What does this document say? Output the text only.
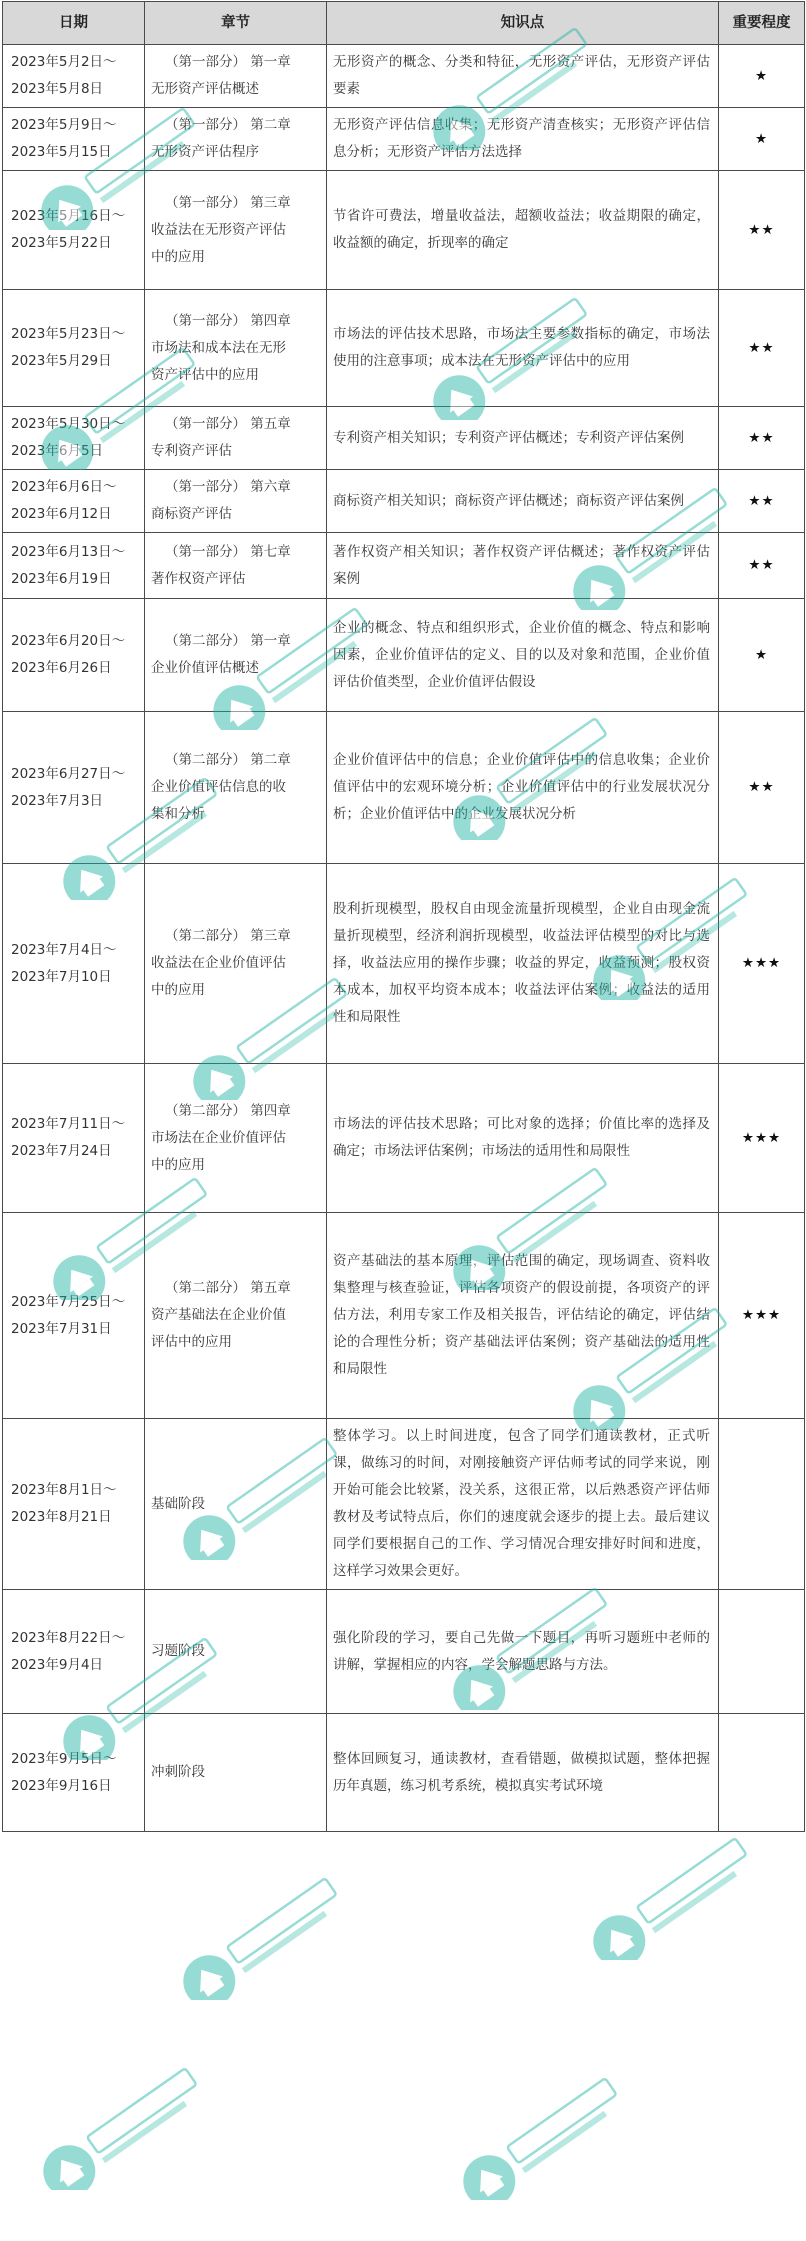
日期	章节	知识点	重要程度

2023年5月2日～
2023年5月8日	（第一部分） 第一章
无形资产评估概述	无形资产的概念、分类和特征，无形资产评估，无形资产评估要素	★

2023年5月9日～
2023年5月15日	（第一部分） 第二章
无形资产评估程序	无形资产评估信息收集；无形资产清查核实；无形资产评估信息分析；无形资产评估方法选择	★

2023年5月16日～
2023年5月22日	（第一部分） 第三章
收益法在无形资产评估
中的应用	节省许可费法，增量收益法，超额收益法；收益期限的确定，收益额的确定，折现率的确定	★★

2023年5月23日～
2023年5月29日	（第一部分） 第四章
市场法和成本法在无形
资产评估中的应用	市场法的评估技术思路，市场法主要参数指标的确定，市场法使用的注意事项；成本法在无形资产评估中的应用	★★

2023年5月30日～
2023年6月5日	（第一部分） 第五章
专利资产评估	专利资产相关知识；专利资产评估概述；专利资产评估案例	★★

2023年6月6日～
2023年6月12日	（第一部分） 第六章
商标资产评估	商标资产相关知识；商标资产评估概述；商标资产评估案例	★★

2023年6月13日～
2023年6月19日	（第一部分） 第七章
著作权资产评估	著作权资产相关知识；著作权资产评估概述；著作权资产评估案例	★★

2023年6月20日～
2023年6月26日	（第二部分） 第一章
企业价值评估概述	企业的概念、特点和组织形式，企业价值的概念、特点和影响因素，企业价值评估的定义、目的以及对象和范围，企业价值评估价值类型，企业价值评估假设	★

2023年6月27日～
2023年7月3日	（第二部分） 第二章
企业价值评估信息的收
集和分析	企业价值评估中的信息；企业价值评估中的信息收集；企业价值评估中的宏观环境分析；企业价值评估中的行业发展状况分析；企业价值评估中的企业发展状况分析	★★

2023年7月4日～
2023年7月10日	（第二部分） 第三章
收益法在企业价值评估
中的应用	股利折现模型，股权自由现金流量折现模型，企业自由现金流量折现模型，经济利润折现模型，收益法评估模型的对比与选择，收益法应用的操作步骤；收益的界定，收益预测；股权资本成本，加权平均资本成本；收益法评估案例；收益法的适用性和局限性	★★★

2023年7月11日～
2023年7月24日	（第二部分） 第四章
市场法在企业价值评估
中的应用	市场法的评估技术思路；可比对象的选择；价值比率的选择及确定；市场法评估案例；市场法的适用性和局限性	★★★

2023年7月25日～
2023年7月31日	（第二部分） 第五章
资产基础法在企业价值
评估中的应用	资产基础法的基本原理，评估范围的确定，现场调查、资料收集整理与核查验证，评估各项资产的假设前提，各项资产的评估方法，利用专家工作及相关报告，评估结论的确定，评估结论的合理性分析；资产基础法评估案例；资产基础法的适用性和局限性	★★★

2023年8月1日～
2023年8月21日	基础阶段	整体学习。以上时间进度，包含了同学们通读教材，正式听课，做练习的时间，对刚接触资产评估师考试的同学来说，刚开始可能会比较紧，没关系，这很正常，以后熟悉资产评估师教材及考试特点后，你们的速度就会逐步的提上去。最后建议同学们要根据自己的工作、学习情况合理安排好时间和进度，这样学习效果会更好。	

2023年8月22日～
2023年9月4日	习题阶段	强化阶段的学习，要自己先做一下题目，再听习题班中老师的讲解，掌握相应的内容，学会解题思路与方法。	

2023年9月5日～
2023年9月16日	冲刺阶段	整体回顾复习，通读教材，查看错题，做模拟试题，整体把握历年真题，练习机考系统，模拟真实考试环境	
